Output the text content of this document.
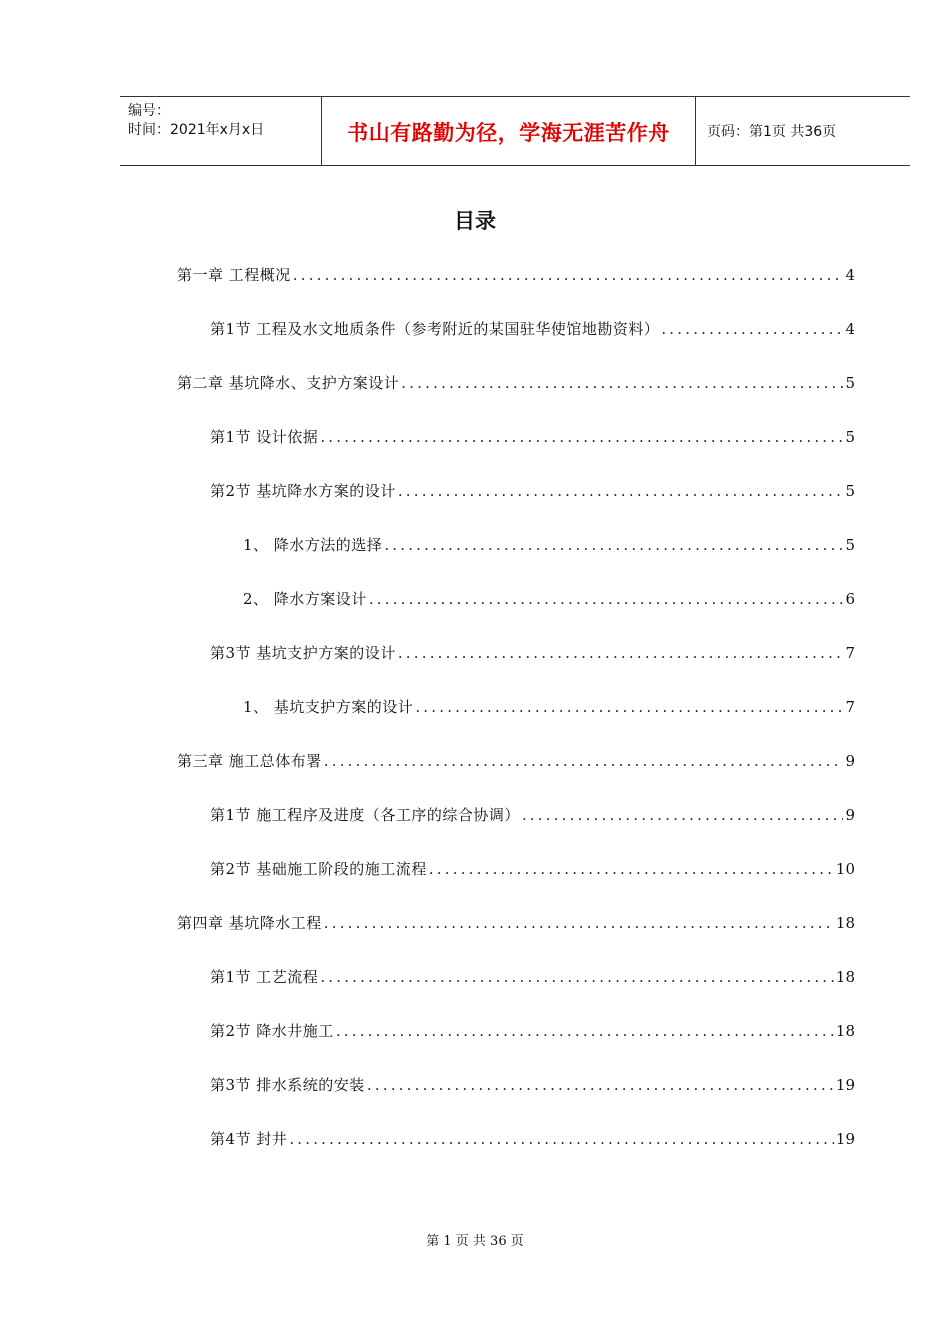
编号：
时间：2021年x月x日	书山有路勤为径，学海无涯苦作舟	页码：第1页 共36页
目录
第一章 工程概况 .....	4
第1节 工程及水文地质条件（参考附近的某国驻华使馆地勘资料） .....	4
第二章 基坑降水、支护方案设计 .....	5
第1节 设计依据 .....	5
第2节 基坑降水方案的设计 .....	5
1、 降水方法的选择 .....	5
2、 降水方案设计 .....	6
第3节 基坑支护方案的设计 .....	7
1、 基坑支护方案的设计 .....	7
第三章 施工总体布署 .....	9
第1节 施工程序及进度（各工序的综合协调） .....	9
第2节 基础施工阶段的施工流程 .....	10
第四章 基坑降水工程 .....	18
第1节 工艺流程 .....	18
第2节 降水井施工 .....	18
第3节 排水系统的安装 .....	19
第4节 封井 .....	19
第 1 页 共 36 页
